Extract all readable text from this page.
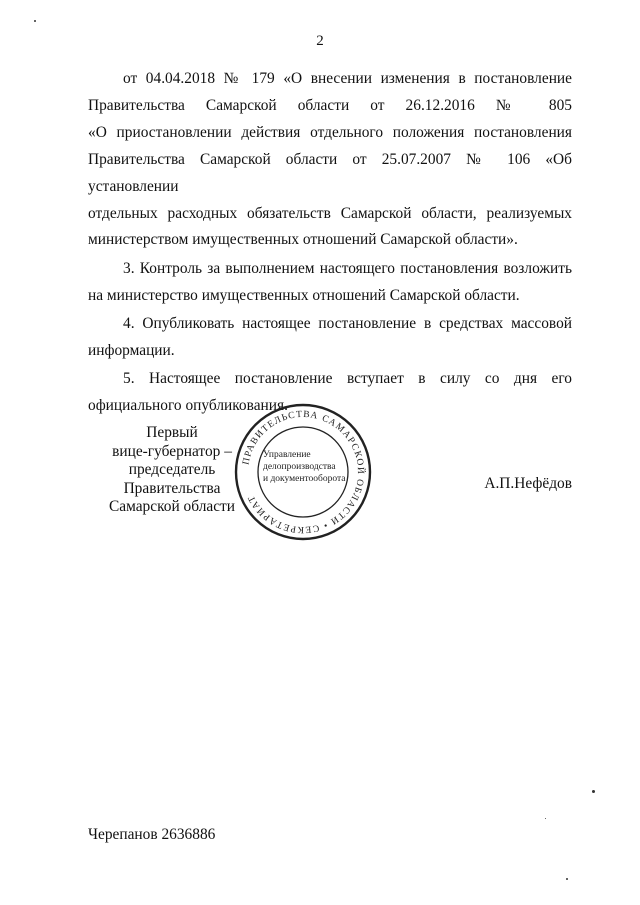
2

от 04.04.2018 № 179 «О внесении изменения в постановление
Правительства Самарской области от 26.12.2016 № 805
«О приостановлении действия отдельного положения постановления
Правительства Самарской области от 25.07.2007 № 106 «Об установлении
отдельных расходных обязательств Самарской области, реализуемых
министерством имущественных отношений Самарской области».

3. Контроль за выполнением настоящего постановления возложить на министерство имущественных отношений Самарской области.

4. Опубликовать настоящее постановление в средствах массовой информации.

5. Настоящее постановление вступает в силу со дня его официального опубликования.

Первый
вице-губернатор –
председатель Правительства
Самарской области
ПРАВИТЕЛЬСТВА САМАРСКОЙ ОБЛАСТИ • СЕКРЕТАРИАТ
Управление
делопроизводства
и документооборота	А.П.Нефёдов
Черепанов 2636886
